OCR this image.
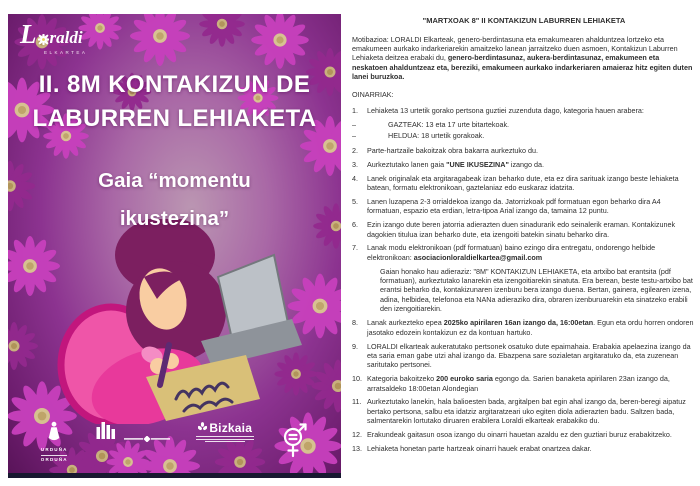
L raldi
ELKARTEA
II. 8M KONTAKIZUN DE
LABURREN LEHIAKETA
Gaia “momentu
ikustezina”
URDUÑA
ORDUÑA

Bizkaia
"MARTXOAK 8" II KONTAKIZUN LABURREN LEHIAKETA

Motibazioa: LORALDI Elkarteak, genero-berdintasuna eta emakumearen ahalduntzea lortzeko eta emakumeen aurkako indarkeriarekin amaitzeko lanean jarraitzeko duen asmoen, Kontakizun Laburren Lehiaketa deitzea erabaki du, genero-berdintasunaz, aukera-berdintasunaz, emakumeen eta neskatoen ahalduntzeaz eta, bereziki, emakumeen aurkako indarkeriaren amaieraz hitz egiten duten lanei buruzkoa.

OINARRIAK:
1.	Lehiaketa 13 urtetik gorako pertsona guztiei zuzenduta dago, kategoria hauen arabera:
–	GAZTEAK: 13 eta 17 urte bitartekoak.
–	HELDUA: 18 urtetik gorakoak.
2.	Parte-hartzaile bakoitzak obra bakarra aurkeztuko du.
3.	Aurkeztutako lanen gaia "UNE IKUSEZINA" izango da.
4.	Lanek originalak eta argitaragabeak izan beharko dute, eta ez dira sarituak izango beste lehiaketa batean, formatu elektronikoan, gaztelaniaz edo euskaraz idatzita.
5.	Lanen luzapena 2-3 orrialdekoa izango da. Jatorrizkoak pdf formatuan egon beharko dira A4 formatuan, espazio eta erdian, letra-tipoa Arial izango da, tamaina 12 puntu.
6.	Ezin izango dute beren jatorria adierazten duen sinadurarik edo seinalerik eraman. Kontakizunek dagokien titulua izan beharko dute, eta izengoiti batekin sinatu beharko dira.
7.	Lanak modu elektronikoan (pdf formatuan) baino ezingo dira entregatu, ondorengo helbide elektronikoan: asociacionloraldielkartea@gmail.com
Gaian honako hau adieraziz: "8M" KONTAKIZUN LEHIAKETA, eta artxibo bat erantsita (pdf formatuan), aurkeztutako lanarekin eta izengoitiarekin sinatuta. Era berean, beste testu-artxibo bat erantsi beharko da, kontakizunaren izenburu bera izango duena. Bertan, gainera, egilearen izena, adina, helbidea, telefonoa eta NANa adieraziko dira, obraren izenburuarekin eta sinatzeko erabili den izengoitiarekin.
8.	Lanak aurkezteko epea 2025ko apirilaren 16an izango da, 16:00etan. Egun eta ordu horren ondoren jasotako edozein kontakizun ez da kontuan hartuko.
9.	LORALDI elkarteak aukeratutako pertsonek osatuko dute epaimahaia. Erabakia apelaezina izango da eta saria eman gabe utzi ahal izango da. Ebazpena sare sozialetan argitaratuko da, eta zuzenean saritutako pertsonei.
10. Kategoria bakoitzeko 200 euroko saria egongo da. Sarien banaketa apirilaren 23an izango da, arratsaldeko 18:00etan Alondegian
11. Aurkeztutako lanekin, hala balioesten bada, argitalpen bat egin ahal izango da, beren-beregi aipatuz bertako pertsona, salbu eta idatziz argitaratzeari uko egiten diola adierazten badu. Saltzen bada, salmentarekin lortutako diruaren erabilera Loraldi elkarteak erabakiko du.
12. Erakundeak gaitasun osoa izango du oinarri hauetan azaldu ez den guztiari buruz erabakitzeko.
13. Lehiaketa honetan parte hartzeak oinarri hauek erabat onartzea dakar.
